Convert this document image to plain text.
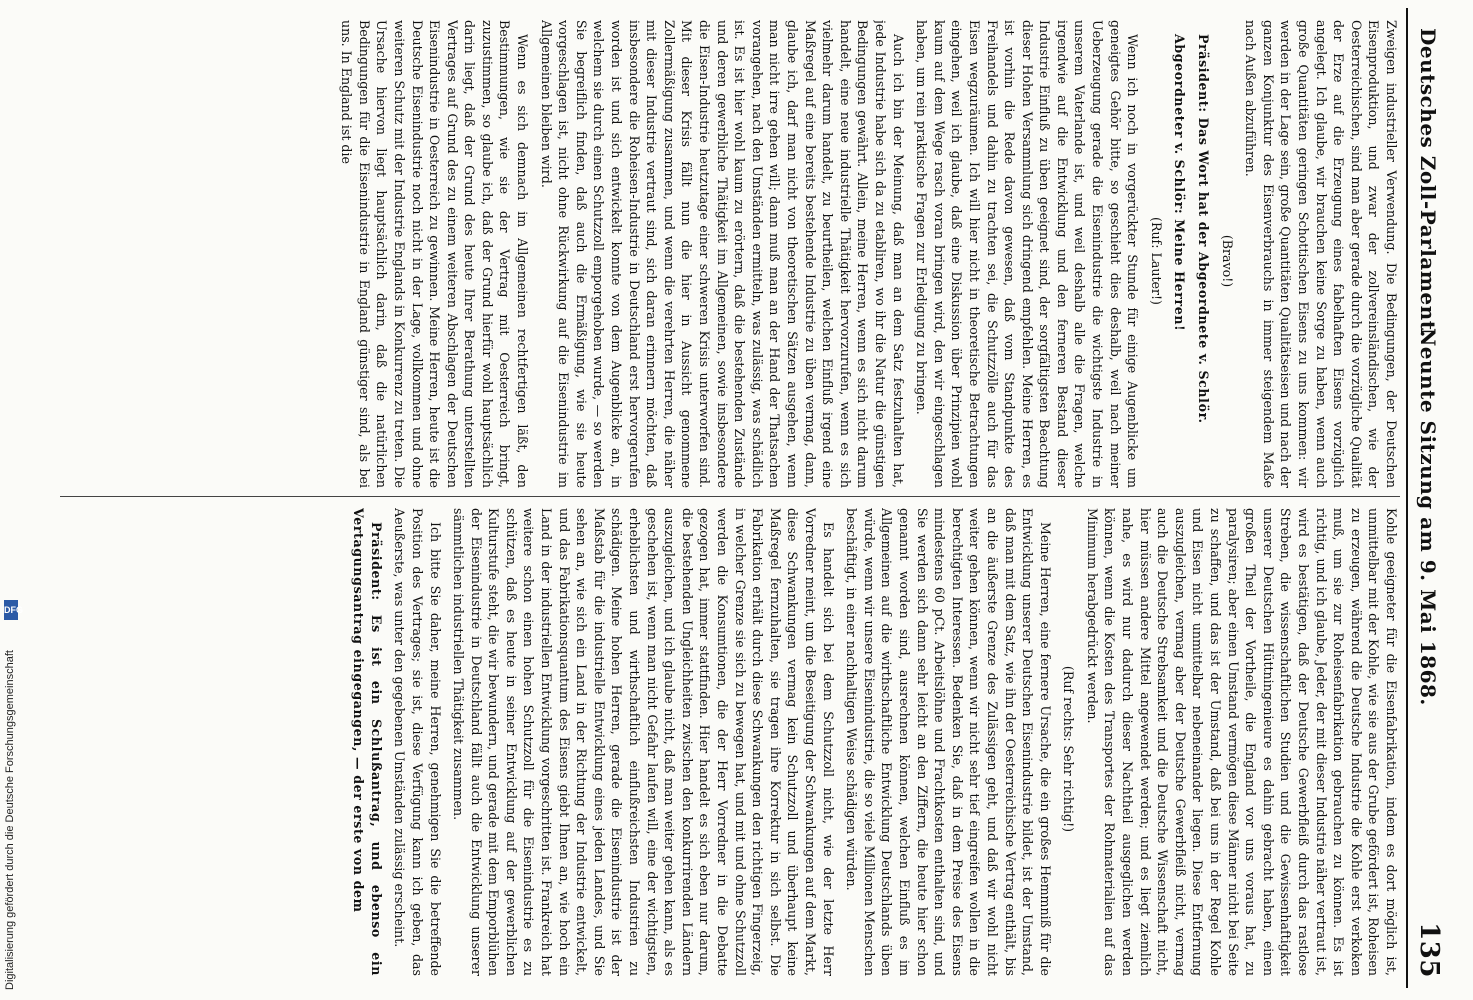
Deutsches Zoll-Parlament.
Neunte Sitzung am 9. Mai 1868.
135

Zweigen industrieller Verwendung. Die Bedingungen, der Deutschen Eisenproduktion, und zwar der zollvereinsländischen, wie der Oesterreichischen, sind man aber gerade durch die vorzügliche Qualität der Erze auf die Erzeugung eines fabelhaften Eisens vorzüglich angelegt. Ich glaube, wir brauchen keine Sorge zu haben, wenn auch große Quantitäten geringen Schottischen Eisens zu uns kommen: wir werden in der Lage sein, große Quantitäten Qualitätseisen und nach der ganzen Konjunktur des Eisenverbrauchs in immer steigendem Maße nach Außen abzuführen.

(Bravo!)

Präsident: Das Wort hat der Abgeordnete v. Schlör.

Abgeordneter v. Schlör: Meine Herren!

(Ruf: Lauter!)

Wenn ich noch in vorgerückter Stunde für einige Augenblicke um geneigtes Gehör bitte, so geschieht dies deshalb, weil nach meiner Ueberzeugung gerade die Eisenindustrie die wichtigste Industrie in unserem Vaterlande ist, und weil deshalb alle die Fragen, welche irgendwie auf die Entwicklung und den ferneren Bestand dieser Industrie Einfluß zu üben geeignet sind, der sorgfältigsten Beachtung dieser Hohen Versammlung sich dringend empfehlen. Meine Herren, es ist vorhin die Rede davon gewesen, daß vom Standpunkte des Freihandels und dahin zu trachten sei, die Schutzzölle auch für das Eisen wegzuräumen. Ich will hier nicht in theoretische Betrachtungen eingehen, weil ich glaube, daß eine Diskussion über Prinzipien wohl kaum auf dem Wege rasch voran bringen wird, den wir eingeschlagen haben, um rein praktische Fragen zur Erledigung zu bringen.

Auch ich bin der Meinung, daß man an dem Satz festzuhalten hat, jede Industrie habe sich da zu etabliren, wo ihr die Natur die günstigen Bedingungen gewährt. Allein, meine Herren, wenn es sich nicht darum handelt, eine neue industrielle Thätigkeit hervorzurufen, wenn es sich vielmehr darum handelt, zu beurtheilen, welchen Einfluß irgend eine Maßregel auf eine bereits bestehende Industrie zu üben vermag, dann, glaube ich, darf man nicht von theoretischen Sätzen ausgehen, wenn man nicht irre gehen will; dann muß man an der Hand der Thatsachen vorangehen, nach den Umständen ermitteln, was zulässig, was schädlich ist. Es ist hier wohl kaum zu erörtern, daß die bestehenden Zustände und deren gewerbliche Thätigkeit im Allgemeinen, sowie insbesondere die Eisen-Industrie heutzutage einer schweren Krisis unterworfen sind. Mit dieser Krisis fällt nun die hier in Aussicht genommene Zollermäßigung zusammen, und wenn die verehrten Herren, die näher mit dieser Industrie vertraut sind, sich daran erinnern möchten, daß insbesondere die Roheisen-Industrie in Deutschland erst hervorgerufen worden ist und sich entwickelt konnte von dem Augenblicke an, in welchem sie durch einen Schutzzoll emporgehoben wurde, — so werden Sie begreiflich finden, daß auch die Ermäßigung, wie sie heute vorgeschlagen ist, nicht ohne Rückwirkung auf die Eisenindustrie im Allgemeinen bleiben wird.

Wenn es sich demnach im Allgemeinen rechtfertigen läßt, den Bestimmungen, wie sie der Vertrag mit Oesterreich bringt, zuzustimmen, so glaube ich, daß der Grund hierfür wohl hauptsächlich darin liegt, daß der Grund des heute Ihrer Berathung unterstellten Vertrages auf Grund des zu einem weiteren Abschlagen der Deutschen Eisenindustrie in Oesterreich zu gewinnen. Meine Herren, heute ist die Deutsche Eisenindustrie noch nicht in der Lage, vollkommen und ohne weiteren Schutz mit der Industrie Englands in Konkurrenz zu treten. Die Ursache hiervon liegt hauptsächlich darin, daß die natürlichen Bedingungen für die Eisenindustrie in England günstiger sind, als bei uns. In England ist die

Kohle geeigneter für die Eisenfabrikation, indem es dort möglich ist, unmittelbar mit der Kohle, wie sie aus der Grube gefördert ist, Roheisen zu erzeugen, während die Deutsche Industrie die Kohle erst verkoken muß, um sie zur Roheisenfabrikation gebrauchen zu können. Es ist richtig, und ich glaube, Jeder, der mit dieser Industrie näher vertraut ist, wird es bestätigen, daß der Deutsche Gewerbfleiß durch das rastlose Streben, die wissenschaftlichen Studien und die Gewissenhaftigkeit unserer Deutschen Hüttningenieure es dahin gebracht haben, einen großen Theil der Vortheile, die England vor uns voraus hat, zu paralysiren; aber einen Umstand vermögen diese Männer nicht bei Seite zu schaffen, und das ist der Umstand, daß bei uns in der Regel Kohle und Eisen nicht unmittelbar nebeneinander liegen. Diese Entfernung auszugleichen, vermag aber der Deutsche Gewerbfleiß nicht, vermag auch die Deutsche Strebsamkeit und die Deutsche Wissenschaft nicht, hier müssen andere Mittel angewendet werden; und es liegt ziemlich nahe, es wird nur dadurch dieser Nachtheil ausgeglichen werden können, wenn die Kosten des Transportes der Rohmaterialien auf das Minimum herabgedrückt werden.

(Ruf rechts: Sehr richtig!)

Meine Herren, eine fernere Ursache, die ein großes Hemmniß für die Entwicklung unserer Deutschen Eisenindustrie bildet, ist der Umstand, daß man mit dem Satz, wie ihn der Oesterreichische Vertrag enthält, bis an die äußerste Grenze des Zulässigen geht, und daß wir wohl nicht weiter gehen können, wenn wir nicht sehr tief eingreifen wollen in die berechtigten Interessen. Bedenken Sie, daß in dem Preise des Eisens mindestens 60 pCt. Arbeitslöhne und Frachtkosten enthalten sind, und Sie werden sich dann sehr leicht an den Ziffern, die heute hier schon genannt worden sind, ausrechnen können, welchen Einfluß es im Allgemeinen auf die wirthschaftliche Entwicklung Deutschlands üben würde, wenn wir unsere Eisenindustrie, die so viele Millionen Menschen beschäftigt, in einer nachhaltigen Weise schädigen würden.

Es handelt sich bei dem Schutzzoll nicht, wie der letzte Herr Vorredner meint, um die Beseitigung der Schwankungen auf dem Markt, diese Schwankungen vermag kein Schutzzoll und überhaupt keine Maßregel fernzuhalten, sie tragen ihre Korrektur in sich selbst. Die Fabrikation erhält durch diese Schwankungen den richtigen Fingerzeig, in welcher Grenze sie sich zu bewegen hat, und mit und ohne Schutzzoll werden die Konsumtionen, die der Herr Vorredner in die Debatte gezogen hat, immer stattfinden. Hier handelt es sich eben nur darum, die bestehenden Ungleichheiten zwischen den konkurrirenden Ländern auszugleichen, und ich glaube nicht, daß man weiter gehen kann, als es geschehen ist, wenn man nicht Gefahr laufen will, eine der wichtigsten, erheblichsten und wirthschaftlich einflußreichsten Industrien zu schädigen. Meine hohen Herren, gerade die Eisenindustrie ist der Maßstab für die industrielle Entwicklung eines jeden Landes, und Sie sehen an, wie sich ein Land in der Richtung der Industrie entwickelt, und das Fabrikationsquantum des Eisens giebt Ihnen an, wie hoch ein Land in der industriellen Entwicklung vorgeschritten ist. Frankreich hat weitere schon einen hohen Schutzzoll für die Eisenindustrie es zu schützen, daß es heute in seiner Entwicklung auf der gewerblichen Kulturstufe steht, die wir bewundern, und gerade mit dem Emporblühen der Eisenindustrie in Deutschland fällt auch die Entwicklung unserer sämmtlichen industriellen Thätigkeit zusammen.

Ich bitte Sie daher, meine Herren, genehmigen Sie die betreffende Position des Vertrages; sie ist, diese Verfügung kann ich geben, das Aeußerste, was unter den gegebenen Umständen zulässig erscheint.

Präsident: Es ist ein Schlußantrag, und ebenso ein Vertagungsantrag eingegangen, — der erste von dem

DFG
Digitalisierung gefördert durch die Deutsche Forschungsgemeinschaft
